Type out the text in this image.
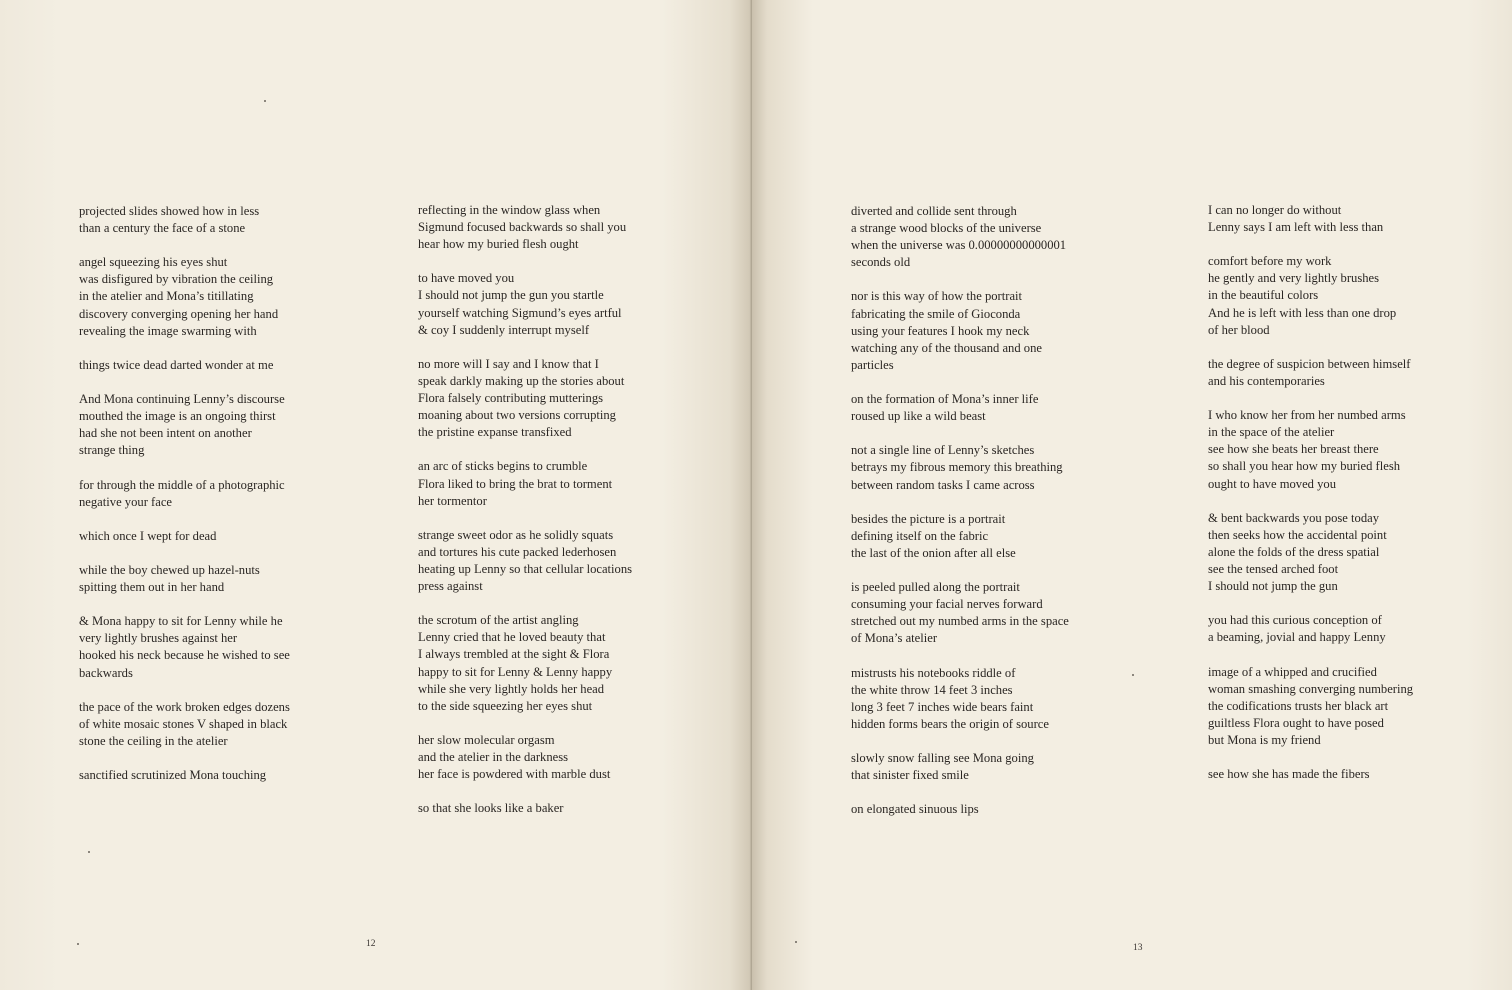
projected slides showed how in less
than a century the face of a stone
angel squeezing his eyes shut
was disfigured by vibration the ceiling
in the atelier and Mona’s titillating
discovery converging opening her hand
revealing the image swarming with
things twice dead darted wonder at me
And Mona continuing Lenny’s discourse
mouthed the image is an ongoing thirst
had she not been intent on another
strange thing
for through the middle of a photographic
negative your face
which once I wept for dead
while the boy chewed up hazel-nuts
spitting them out in her hand
& Mona happy to sit for Lenny while he
very lightly brushes against her
hooked his neck because he wished to see
backwards
the pace of the work broken edges dozens
of white mosaic stones V shaped in black
stone the ceiling in the atelier
sanctified scrutinized Mona touching
reflecting in the window glass when
Sigmund focused backwards so shall you
hear how my buried flesh ought
to have moved you
I should not jump the gun you startle
yourself watching Sigmund’s eyes artful
& coy I suddenly interrupt myself
no more will I say and I know that I
speak darkly making up the stories about
Flora falsely contributing mutterings
moaning about two versions corrupting
the pristine expanse transfixed
an arc of sticks begins to crumble
Flora liked to bring the brat to torment
her tormentor
strange sweet odor as he solidly squats
and tortures his cute packed lederhosen
heating up Lenny so that cellular locations
press against
the scrotum of the artist angling
Lenny cried that he loved beauty that
I always trembled at the sight & Flora
happy to sit for Lenny & Lenny happy
while she very lightly holds her head
to the side squeezing her eyes shut
her slow molecular orgasm
and the atelier in the darkness
her face is powdered with marble dust
so that she looks like a baker
12
diverted and collide sent through
a strange wood blocks of the universe
when the universe was 0.00000000000001
seconds old
nor is this way of how the portrait
fabricating the smile of Gioconda
using your features I hook my neck
watching any of the thousand and one
particles
on the formation of Mona’s inner life
roused up like a wild beast
not a single line of Lenny’s sketches
betrays my fibrous memory this breathing
between random tasks I came across
besides the picture is a portrait
defining itself on the fabric
the last of the onion after all else
is peeled pulled along the portrait
consuming your facial nerves forward
stretched out my numbed arms in the space
of Mona’s atelier
mistrusts his notebooks riddle of
the white throw 14 feet 3 inches
long 3 feet 7 inches wide bears faint
hidden forms bears the origin of source
slowly snow falling see Mona going
that sinister fixed smile
on elongated sinuous lips
I can no longer do without
Lenny says I am left with less than
comfort before my work
he gently and very lightly brushes
in the beautiful colors
And he is left with less than one drop
of her blood
the degree of suspicion between himself
and his contemporaries
I who know her from her numbed arms
in the space of the atelier
see how she beats her breast there
so shall you hear how my buried flesh
ought to have moved you
& bent backwards you pose today
then seeks how the accidental point
alone the folds of the dress spatial
see the tensed arched foot
I should not jump the gun
you had this curious conception of
a beaming, jovial and happy Lenny
image of a whipped and crucified
woman smashing converging numbering
the codifications trusts her black art
guiltless Flora ought to have posed
but Mona is my friend
see how she has made the fibers
13
